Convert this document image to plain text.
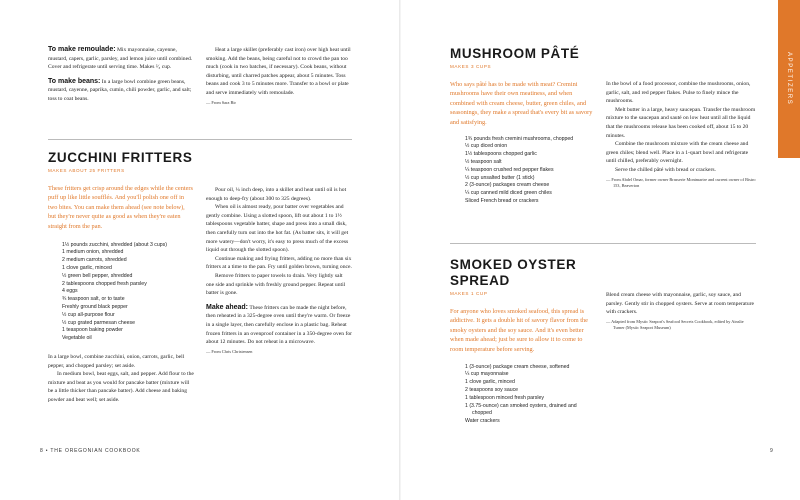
To make remoulade: Mix mayonnaise, cayenne, mustard, capers, garlic, parsley, and lemon juice until combined. Cover and refrigerate until serving time. Makes ²⁄₃ cup.

To make beans: In a large bowl combine green beans, mustard, cayenne, paprika, cumin, chili powder, garlic, and salt; toss to coat beans.

Heat a large skillet (preferably cast iron) over high heat until smoking. Add the beans, being careful not to crowd the pan too much (cook in two batches, if necessary). Cook beans, without disturbing, until charred patches appear, about 5 minutes. Toss beans and cook 3 to 5 minutes more. Transfer to a bowl or plate and serve immediately with remoulade.

— From Sara Bir
ZUCCHINI FRITTERS
MAKES ABOUT 25 FRITTERS

These fritters get crisp around the edges while the centers puff up like little soufflés. And you'll polish one off in two bites. You can make them ahead (see note below), but they're never quite as good as when they're eaten straight from the pan.

1½ pounds zucchini, shredded (about 3 cups)
1 medium onion, shredded
2 medium carrots, shredded
1 clove garlic, minced
½ green bell pepper, shredded
2 tablespoons chopped fresh parsley
4 eggs
¾ teaspoon salt, or to taste
Freshly ground black pepper
½ cup all-purpose flour
½ cup grated parmesan cheese
1 teaspoon baking powder
Vegetable oil

In a large bowl, combine zucchini, onion, carrots, garlic, bell pepper, and chopped parsley; set aside.

In medium bowl, beat eggs, salt, and pepper. Add flour to the mixture and beat as you would for pancake batter (mixture will be a little thicker than pancake batter). Add cheese and baking powder and beat well; set aside.

Pour oil, ¼ inch deep, into a skillet and heat until oil is hot enough to deep-fry (about 300 to 325 degrees).

When oil is almost ready, pour batter over vegetables and gently combine. Using a slotted spoon, lift out about 1 to 1½ tablespoons vegetable batter, shape and press into a small disk, then carefully turn out into the hot fat. (As batter sits, it will get more watery—don't worry, it's easy to press much of the excess liquid out through the slotted spoon).

Continue making and frying fritters, adding no more than six fritters at a time to the pan. Fry until golden brown, turning once.

Remove fritters to paper towels to drain. Very lightly salt one side and sprinkle with freshly ground pepper. Repeat until batter is gone.

Make ahead: These fritters can be made the night before, then reheated in a 325-degree oven until they're warm. Or freeze in a single layer, then carefully enclose in a plastic bag. Reheat frozen fritters in an ovenproof container in a 350-degree oven for about 12 minutes. Do not reheat in a microwave.

— From Chris Christensen
8 • THE OREGONIAN COOKBOOK
MUSHROOM PÂTÉ
MAKES 3 CUPS

Who says pâté has to be made with meat? Cremini mushrooms have their own meatiness, and when combined with cream cheese, butter, green chiles, and seasonings, they make a spread that's every bit as savory and satisfying.

1¾ pounds fresh cremini mushrooms, chopped
½ cup diced onion
1½ tablespoons chopped garlic
½ teaspoon salt
¼ teaspoon crushed red pepper flakes
½ cup unsalted butter (1 stick)
2 (3-ounce) packages cream cheese
¼ cup canned mild diced green chiles
Sliced French bread or crackers

In the bowl of a food processor, combine the mushrooms, onion, garlic, salt, and red pepper flakes. Pulse to finely mince the mushrooms.

Melt butter in a large, heavy saucepan. Transfer the mushroom mixture to the saucepan and sauté on low heat until all the liquid that the mushrooms release has been cooked off, about 15 to 20 minutes.

Combine the mushroom mixture with the cream cheese and green chiles; blend well. Place in a 1-quart bowl and refrigerate until chilled, preferably overnight.

Serve the chilled pâté with bread or crackers.

— From Abdel Omar, former owner Brasserie Montmartre and current owner of Bistro 153, Beaverton
SMOKED OYSTER SPREAD
MAKES 1 CUP

For anyone who loves smoked seafood, this spread is addictive. It gets a double hit of savory flavor from the smoky oysters and the soy sauce. And it's even better when made ahead; just be sure to allow it to come to room temperature before serving.

1 (3-ounce) package cream cheese, softened
¼ cup mayonnaise
1 clove garlic, minced
2 teaspoons soy sauce
1 tablespoon minced fresh parsley
1 (3.75-ounce) can smoked oysters, drained and chopped
Water crackers

Blend cream cheese with mayonnaise, garlic, soy sauce, and parsley. Gently stir in chopped oysters. Serve at room temperature with crackers.

— Adapted from Mystic Seaport's Seafood Secrets Cookbook, edited by Ainslie Turner (Mystic Seaport Museum)
9
APPETIZERS
